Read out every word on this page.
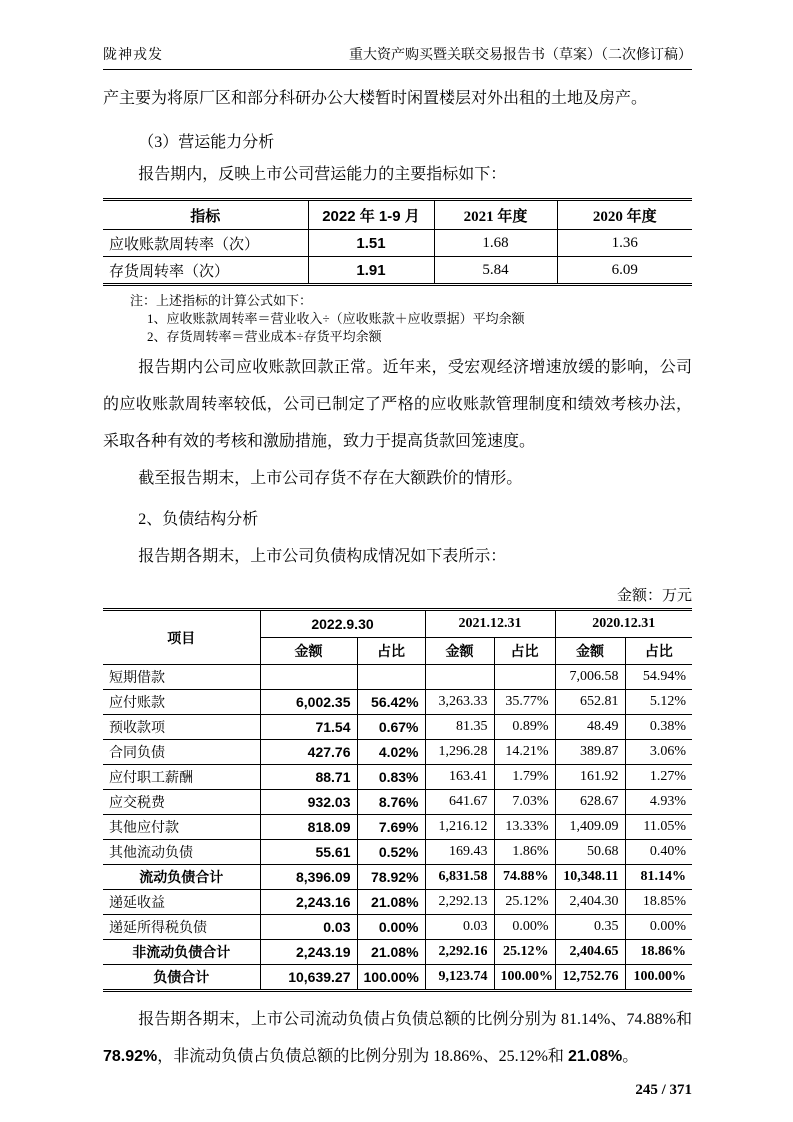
陇神戎发	重大资产购买暨关联交易报告书（草案）（二次修订稿）

产主要为将原厂区和部分科研办公大楼暂时闲置楼层对外出租的土地及房产。

（3）营运能力分析

报告期内，反映上市公司营运能力的主要指标如下：

指标	2022 年 1-9 月	2021 年度	2020 年度
应收账款周转率（次）	1.51	1.68	1.36
存货周转率（次）	1.91	5.84	6.09

注：上述指标的计算公式如下：

1、应收账款周转率＝营业收入÷（应收账款＋应收票据）平均余额

2、存货周转率＝营业成本÷存货平均余额

报告期内公司应收账款回款正常。近年来，受宏观经济增速放缓的影响，公司的应收账款周转率较低，公司已制定了严格的应收账款管理制度和绩效考核办法，采取各种有效的考核和激励措施，致力于提高货款回笼速度。

截至报告期末，上市公司存货不存在大额跌价的情形。

2、负债结构分析

报告期各期末，上市公司负债构成情况如下表所示：

金额：万元

项目	2022.9.30		2021.12.31		2020.12.31	
	金额	占比	金额	占比	金额	占比
短期借款					7,006.58	54.94%
应付账款	6,002.35	56.42%	3,263.33	35.77%	652.81	5.12%
预收款项	71.54	0.67%	81.35	0.89%	48.49	0.38%
合同负债	427.76	4.02%	1,296.28	14.21%	389.87	3.06%
应付职工薪酬	88.71	0.83%	163.41	1.79%	161.92	1.27%
应交税费	932.03	8.76%	641.67	7.03%	628.67	4.93%
其他应付款	818.09	7.69%	1,216.12	13.33%	1,409.09	11.05%
其他流动负债	55.61	0.52%	169.43	1.86%	50.68	0.40%
流动负债合计	8,396.09	78.92%	6,831.58	74.88%	10,348.11	81.14%
递延收益	2,243.16	21.08%	2,292.13	25.12%	2,404.30	18.85%
递延所得税负债	0.03	0.00%	0.03	0.00%	0.35	0.00%
非流动负债合计	2,243.19	21.08%	2,292.16	25.12%	2,404.65	18.86%
负债合计	10,639.27	100.00%	9,123.74	100.00%	12,752.76	100.00%

报告期各期末，上市公司流动负债占负债总额的比例分别为 81.14%、74.88%和 78.92%，非流动负债占负债总额的比例分别为 18.86%、25.12%和 21.08%。

245 / 371
